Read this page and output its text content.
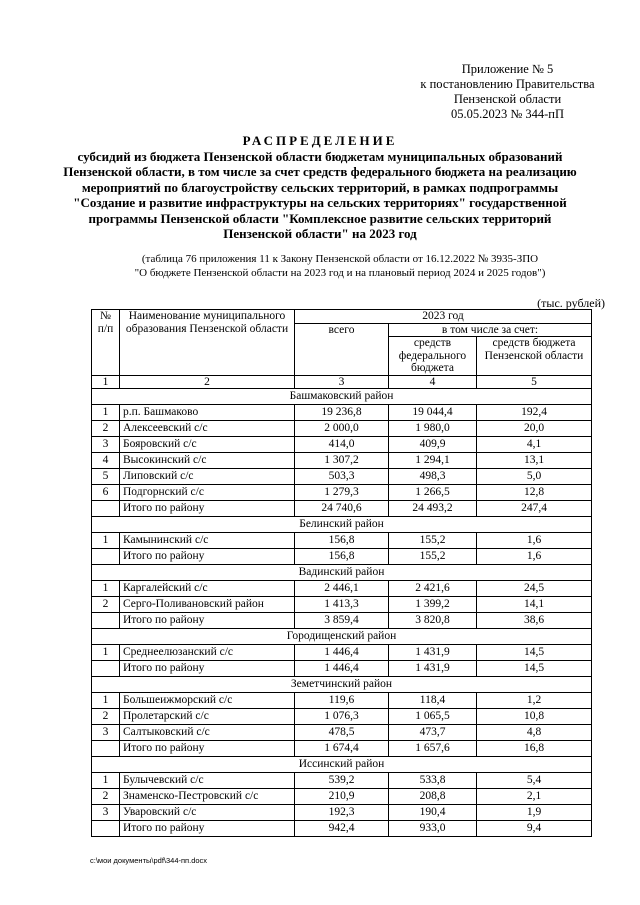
Приложение № 5
к постановлению Правительства
Пензенской области
05.05.2023 № 344-пП
РАСПРЕДЕЛЕНИЕ
субсидий из бюджета Пензенской области бюджетам муниципальных образований Пензенской области, в том числе за счет средств федерального бюджета на реализацию мероприятий по благоустройству сельских территорий, в рамках подпрограммы "Создание и развитие инфраструктуры на сельских территориях" государственной программы Пензенской области "Комплексное развитие сельских территорий Пензенской области" на 2023 год
(таблица 76 приложения 11 к Закону Пензенской области от 16.12.2022 № 3935-ЗПО
"О бюджете Пензенской области на 2023 год и на плановый период 2024 и 2025 годов")
(тыс. рублей)
№ п/п	Наименование муниципального образования Пензенской области	2023 год		
		всего	в том числе за счет:	
			средств федерального бюджета	средств бюджета Пензенской области
1	2	3	4	5
Башмаковский район				
1	р.п. Башмаково	19 236,8	19 044,4	192,4
2	Алексеевский с/с	2 000,0	1 980,0	20,0
3	Бояровский с/с	414,0	409,9	4,1
4	Высокинский с/с	1 307,2	1 294,1	13,1
5	Липовский с/с	503,3	498,3	5,0
6	Подгорнский с/с	1 279,3	1 266,5	12,8
	Итого по району	24 740,6	24 493,2	247,4
Белинский район				
1	Камынинский с/с	156,8	155,2	1,6
	Итого по району	156,8	155,2	1,6
Вадинский район				
1	Каргалейский с/с	2 446,1	2 421,6	24,5
2	Серго-Поливановский район	1 413,3	1 399,2	14,1
	Итого по району	3 859,4	3 820,8	38,6
Городищенский район				
1	Среднеелюзанский с/с	1 446,4	1 431,9	14,5
	Итого по району	1 446,4	1 431,9	14,5
Земетчинский район				
1	Большеижморский с/с	119,6	118,4	1,2
2	Пролетарский с/с	1 076,3	1 065,5	10,8
3	Салтыковский с/с	478,5	473,7	4,8
	Итого по району	1 674,4	1 657,6	16,8
Иссинский район				
1	Булычевский с/с	539,2	533,8	5,4
2	Знаменско-Пестровский с/с	210,9	208,8	2,1
3	Уваровский с/с	192,3	190,4	1,9
	Итого по району	942,4	933,0	9,4
c:\мои документы\pdf\344-пп.docx
